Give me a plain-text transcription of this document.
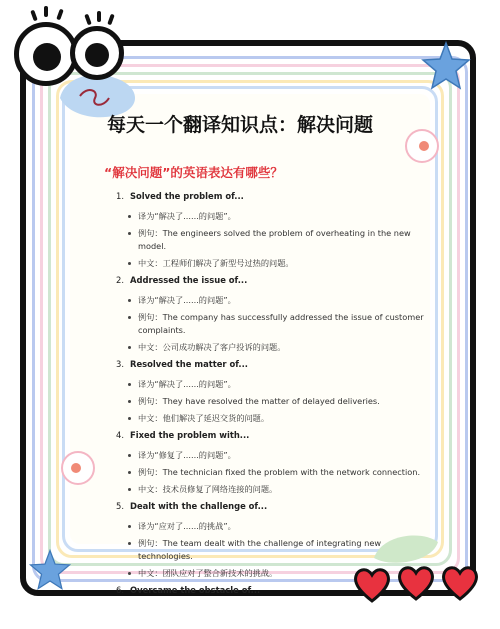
每天一个翻译知识点：解决问题
“解决问题”的英语表达有哪些？
1. Solved the problem of...
译为“解决了......的问题”。
例句：The engineers solved the problem of overheating in the new model.
中文：工程师们解决了新型号过热的问题。
2. Addressed the issue of...
译为“解决了......的问题”。
例句：The company has successfully addressed the issue of customer complaints.
中文：公司成功解决了客户投诉的问题。
3. Resolved the matter of...
译为“解决了......的问题”。
例句：They have resolved the matter of delayed deliveries.
中文：他们解决了延迟交货的问题。
4. Fixed the problem with...
译为“修复了......的问题”。
例句：The technician fixed the problem with the network connection.
中文：技术员修复了网络连接的问题。
5. Dealt with the challenge of...
译为“应对了......的挑战”。
例句：The team dealt with the challenge of integrating new technologies.
中文：团队应对了整合新技术的挑战。
6. Overcame the obstacle of...
